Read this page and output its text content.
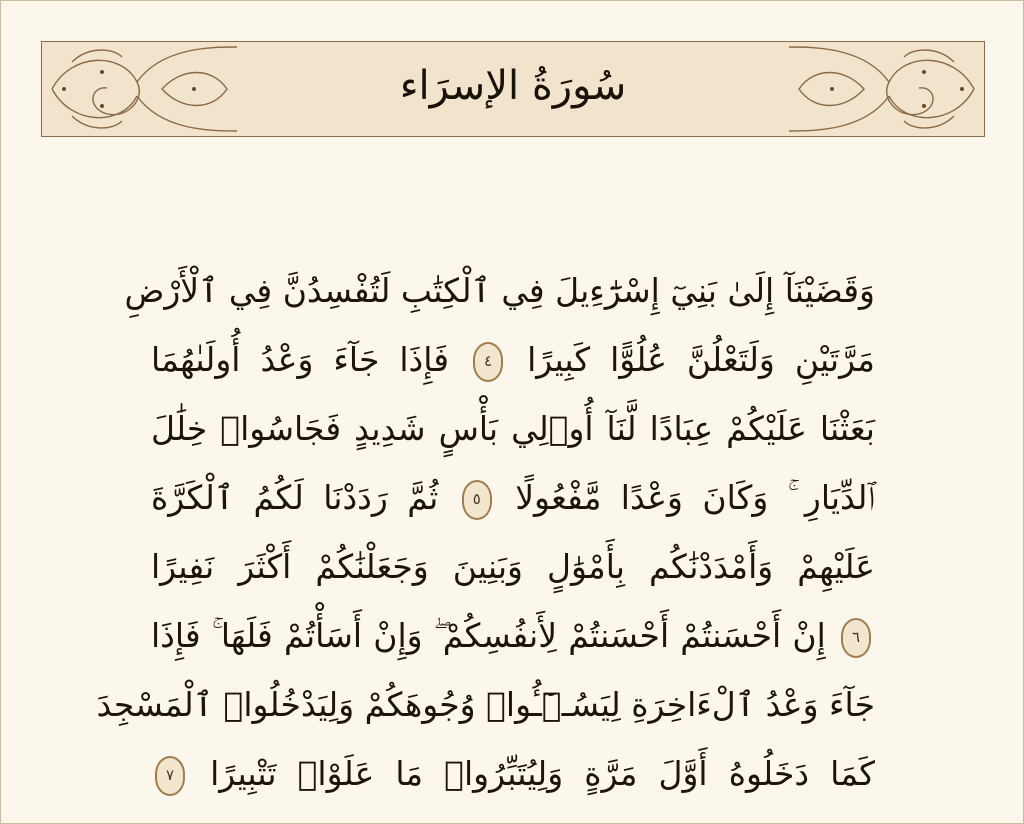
سُورَةُ الإسرَاء
وَقَضَيْنَآ إِلَىٰ بَنِيٓ إِسْرَٰٓءِيلَ فِي ٱلْكِتَٰبِ لَتُفْسِدُنَّ فِي ٱلْأَرْضِ
مَرَّتَيْنِ وَلَتَعْلُنَّ عُلُوًّا كَبِيرًا ٤ فَإِذَا جَآءَ وَعْدُ أُولَىٰهُمَا
بَعَثْنَا عَلَيْكُمْ عِبَادًا لَّنَآ أُو۟لِي بَأْسٍ شَدِيدٍ فَجَاسُوا۟ خِلَٰلَ
ٱلدِّيَارِ ۚ وَكَانَ وَعْدًا مَّفْعُولًا ٥ ثُمَّ رَدَدْنَا لَكُمُ ٱلْكَرَّةَ
عَلَيْهِمْ وَأَمْدَدْنَٰكُم بِأَمْوَٰلٍ وَبَنِينَ وَجَعَلْنَٰكُمْ أَكْثَرَ نَفِيرًا
٦ إِنْ أَحْسَنتُمْ أَحْسَنتُمْ لِأَنفُسِكُمْ ۖ وَإِنْ أَسَأْتُمْ فَلَهَا ۚ فَإِذَا
جَآءَ وَعْدُ ٱلْءَاخِرَةِ لِيَسُـۥٓـُٔوا۟ وُجُوهَكُمْ وَلِيَدْخُلُوا۟ ٱلْمَسْجِدَ
كَمَا دَخَلُوهُ أَوَّلَ مَرَّةٍ وَلِيُتَبِّرُوا۟ مَا عَلَوْا۟ تَتْبِيرًا ٧
